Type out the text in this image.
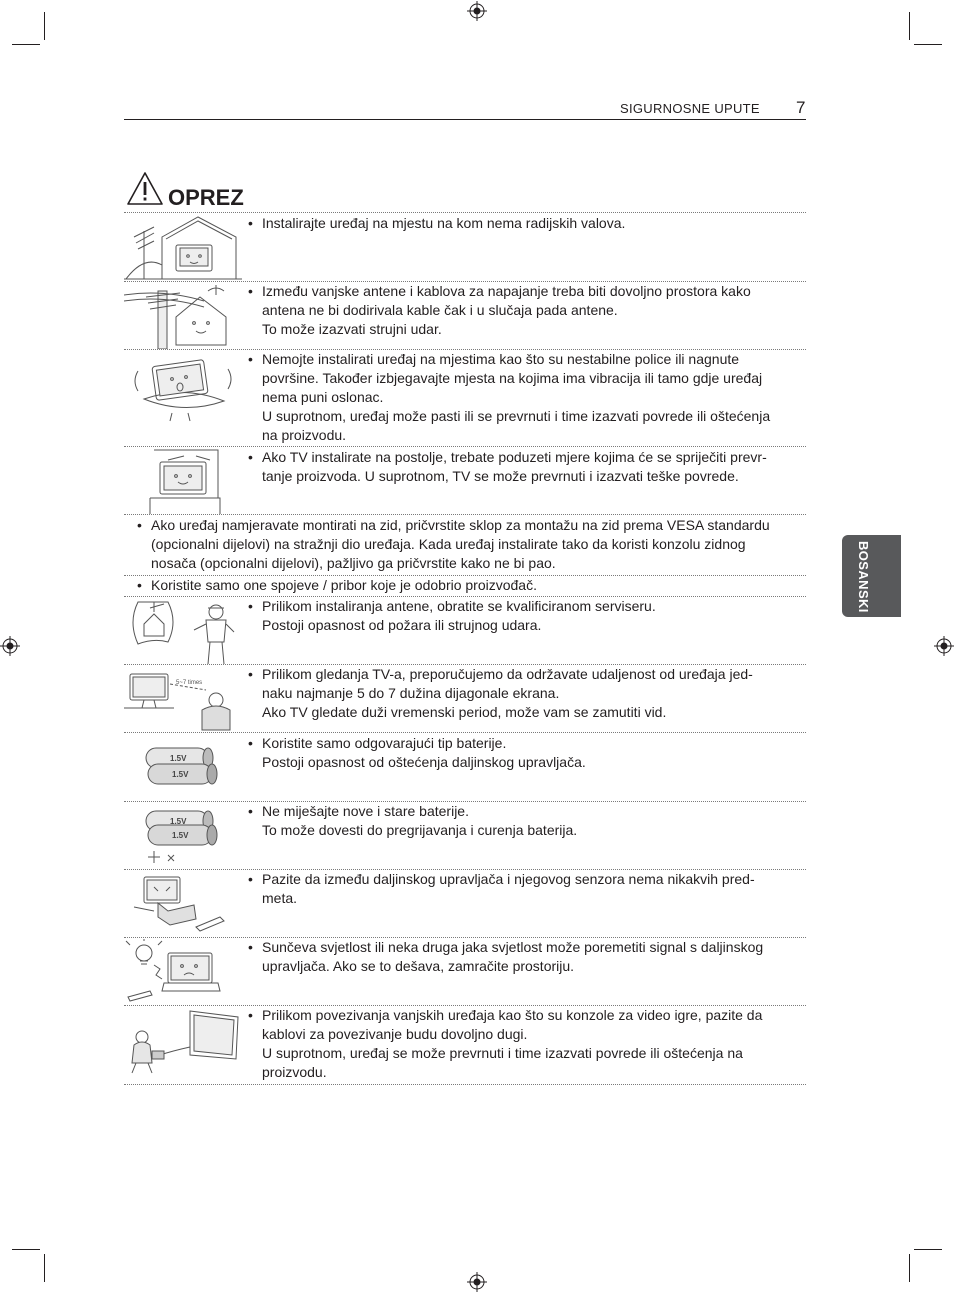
SIGURNOSNE UPUTE 7
BOSANSKI
OPREZ
5~7 times
1.5V
1.5V
1.5V
1.5V
• Instalirajte uređaj na mjestu na kom nema radijskih valova.
• Između vanjske antene i kablova za napajanje treba biti dovoljno prostora kako
antena ne bi dodirivala kable čak i u slučaja pada antene.
To može izazvati strujni udar.
• Nemojte instalirati uređaj na mjestima kao što su nestabilne police ili nagnute
površine. Također izbjegavajte mjesta na kojima ima vibracija ili tamo gdje uređaj
nema puni oslonac.
U suprotnom, uređaj može pasti ili se prevrnuti i time izazvati povrede ili oštećenja
na proizvodu.
• Ako TV instalirate na postolje, trebate poduzeti mjere kojima će se spriječiti prevr-
tanje proizvoda. U suprotnom, TV se može prevrnuti i izazvati teške povrede.
• Ako uređaj namjeravate montirati na zid, pričvrstite sklop za montažu na zid prema VESA standardu
(opcionalni dijelovi) na stražnji dio uređaja. Kada uređaj instalirate tako da koristi konzolu zidnog
nosača (opcionalni dijelovi), pažljivo ga pričvrstite kako ne bi pao.
• Koristite samo one spojeve / pribor koje je odobrio proizvođač.
• Prilikom instaliranja antene, obratite se kvalificiranom serviseru.
Postoji opasnost od požara ili strujnog udara.
• Prilikom gledanja TV-a, preporučujemo da održavate udaljenost od uređaja jed-
naku najmanje 5 do 7 dužina dijagonale ekrana.
Ako TV gledate duži vremenski period, može vam se zamutiti vid.
• Koristite samo odgovarajući tip baterije.
Postoji opasnost od oštećenja daljinskog upravljača.
• Ne miješajte nove i stare baterije.
To može dovesti do pregrijavanja i curenja baterija.
• Pazite da između daljinskog upravljača i njegovog senzora nema nikakvih pred-
meta.
• Sunčeva svjetlost ili neka druga jaka svjetlost može poremetiti signal s daljinskog
upravljača. Ako se to dešava, zamračite prostoriju.
• Prilikom povezivanja vanjskih uređaja kao što su konzole za video igre, pazite da
kablovi za povezivanje budu dovoljno dugi.
U suprotnom, uređaj se može prevrnuti i time izazvati povrede ili oštećenja na
proizvodu.
